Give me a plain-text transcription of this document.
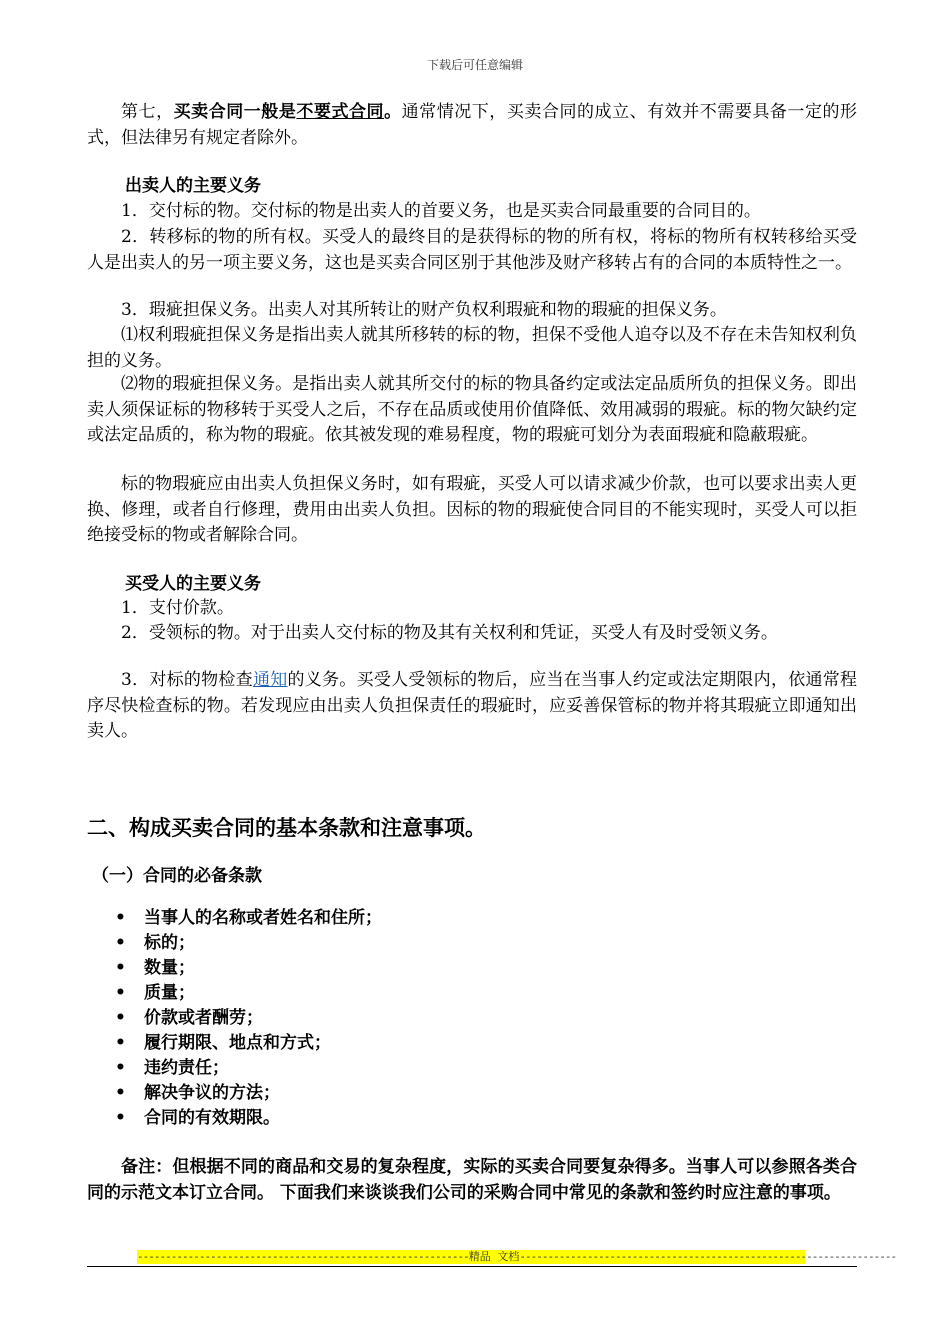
下载后可任意编辑

第七，买卖合同一般是不要式合同。通常情况下，买卖合同的成立、有效并不需要具备一定的形式，但法律另有规定者除外。

出卖人的主要义务

1．交付标的物。交付标的物是出卖人的首要义务，也是买卖合同最重要的合同目的。

2．转移标的物的所有权。买受人的最终目的是获得标的物的所有权，将标的物所有权转移给买受人是出卖人的另一项主要义务，这也是买卖合同区别于其他涉及财产移转占有的合同的本质特性之一。

3．瑕疵担保义务。出卖人对其所转让的财产负权利瑕疵和物的瑕疵的担保义务。

⑴权利瑕疵担保义务是指出卖人就其所移转的标的物，担保不受他人追夺以及不存在未告知权利负担的义务。

⑵物的瑕疵担保义务。是指出卖人就其所交付的标的物具备约定或法定品质所负的担保义务。即出卖人须保证标的物移转于买受人之后，不存在品质或使用价值降低、效用减弱的瑕疵。标的物欠缺约定或法定品质的，称为物的瑕疵。依其被发现的难易程度，物的瑕疵可划分为表面瑕疵和隐蔽瑕疵。

标的物瑕疵应由出卖人负担保义务时，如有瑕疵，买受人可以请求减少价款，也可以要求出卖人更换、修理，或者自行修理，费用由出卖人负担。因标的物的瑕疵使合同目的不能实现时，买受人可以拒绝接受标的物或者解除合同。

买受人的主要义务

1．支付价款。

2．受领标的物。对于出卖人交付标的物及其有关权利和凭证，买受人有及时受领义务。

3．对标的物检查通知的义务。买受人受领标的物后，应当在当事人约定或法定期限内，依通常程序尽快检查标的物。若发现应由出卖人负担保责任的瑕疵时，应妥善保管标的物并将其瑕疵立即通知出卖人。

二、构成买卖合同的基本条款和注意事项。
（一）合同的必备条款
• 当事人的名称或者姓名和住所；
• 标的；
• 数量；
• 质量；
• 价款或者酬劳；
• 履行期限、地点和方式；
• 违约责任；
• 解决争议的方法；
• 合同的有效期限。

备注：但根据不同的商品和交易的复杂程度，实际的买卖合同要复杂得多。当事人可以参照各类合同的示范文本订立合同。 下面我们来谈谈我们公司的采购合同中常见的条款和签约时应注意的事项。

-----------------------------------------------------------精品 文档-------------------------------------------------------------------
